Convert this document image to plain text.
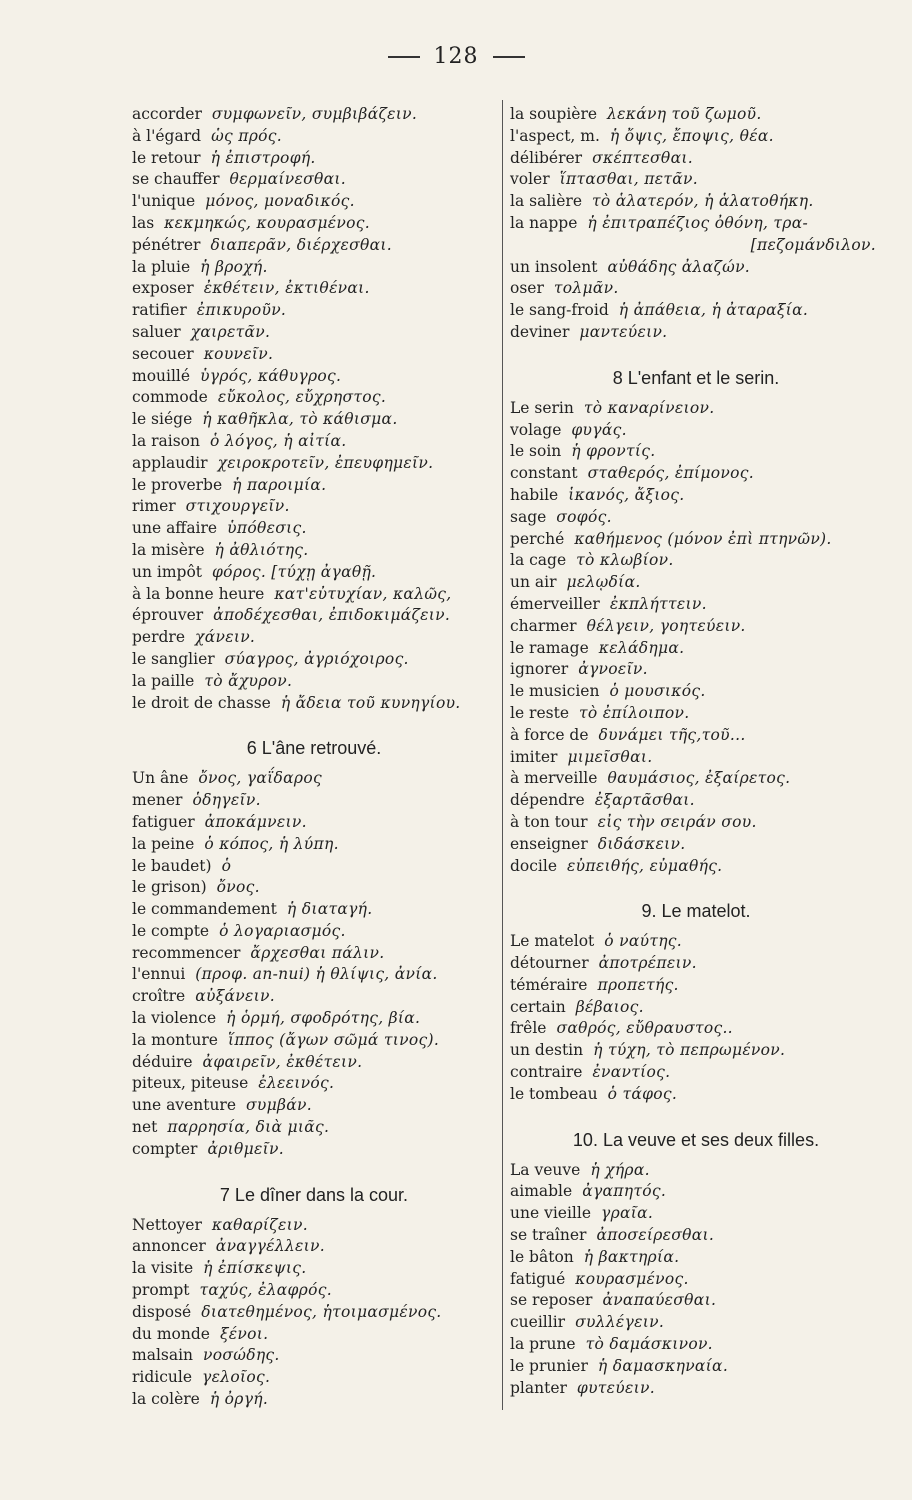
128
accorder συμφωνεῖν, συμβιβάζειν.
à l'égard ὡς πρός.
le retour ἡ ἐπιστροφή.
se chauffer θερμαίνεσθαι.
l'unique μόνος, μοναδικός.
las κεκμηκώς, κουρασμένος.
pénétrer διαπερᾶν, διέρχεσθαι.
la pluie ἡ βροχή.
exposer ἐκθέτειν, ἐκτιθέναι.
ratifier ἐπικυροῦν.
saluer χαιρετᾶν.
secouer κουνεῖν.
mouillé ὑγρός, κάθυγρος.
commode εὔκολος, εὔχρηστος.
le siége ἡ καθῆκλα, τὸ κάθισμα.
la raison ὁ λόγος, ἡ αἰτία.
applaudir χειροκροτεῖν, ἐπευφημεῖν.
le proverbe ἡ παροιμία.
rimer στιχουργεῖν.
une affaire ὑπόθεσις.
la misère ἡ ἀθλιότης.
un impôt φόρος. [τύχῃ ἀγαθῇ.
à la bonne heure κατ'εὐτυχίαν, καλῶς,
éprouver ἀποδέχεσθαι, ἐπιδοκιμάζειν.
perdre χάνειν.
le sanglier σύαγρος, ἀγριόχοιρος.
la paille τὸ ἄχυρον.
le droit de chasse ἡ ἄδεια τοῦ κυνηγίου.
6 L'âne retrouvé.
Un âne ὄνος, γαΐδαρος
mener ὁδηγεῖν.
fatiguer ἀποκάμνειν.
la peine ὁ κόπος, ἡ λύπη.
le baudet) ὁ
le grison) ὄνος.
le commandement ἡ διαταγή.
le compte ὁ λογαριασμός.
recommencer ἄρχεσθαι πάλιν.
l'ennui (προφ. an-nui) ἡ θλίψις, ἀνία.
croître αὐξάνειν.
la violence ἡ ὁρμή, σφοδρότης, βία.
la monture ἵππος (ἄγων σῶμά τινος).
déduire ἀφαιρεῖν, ἐκθέτειν.
piteux, piteuse ἐλεεινός.
une aventure συμβάν.
net παρρησία, διὰ μιᾶς.
compter ἀριθμεῖν.
7 Le dîner dans la cour.
Nettoyer καθαρίζειν.
annoncer ἀναγγέλλειν.
la visite ἡ ἐπίσκεψις.
prompt ταχύς, ἐλαφρός.
disposé διατεθημένος, ἡτοιμασμένος.
du monde ξένοι.
malsain νοσώδης.
ridicule γελοῖος.
la colère ἡ ὀργή.
la soupière λεκάνη τοῦ ζωμοῦ.
l'aspect, m. ἡ ὄψις, ἔποψις, θέα.
délibérer σκέπτεσθαι.
voler ἵπτασθαι, πετᾶν.
la salière τὸ ἁλατερόν, ἡ ἁλατοθήκη.
la nappe ἡ ἐπιτραπέζιος ὀθόνη, τρα-
[πεζομάνδιλον.
un insolent αὐθάδης ἀλαζών.
oser τολμᾶν.
le sang-froid ἡ ἀπάθεια, ἡ ἀταραξία.
deviner μαντεύειν.
8 L'enfant et le serin.
Le serin τὸ καναρίνειον.
volage φυγάς.
le soin ἡ φροντίς.
constant σταθερός, ἐπίμονος.
habile ἱκανός, ἄξιος.
sage σοφός.
perché καθήμενος (μόνον ἐπὶ πτηνῶν).
la cage τὸ κλωβίον.
un air μελῳδία.
émerveiller ἐκπλήττειν.
charmer θέλγειν, γοητεύειν.
le ramage κελάδημα.
ignorer ἀγνοεῖν.
le musicien ὁ μουσικός.
le reste τὸ ἐπίλοιπον.
à force de δυνάμει τῆς,τοῦ...
imiter μιμεῖσθαι.
à merveille θαυμάσιος, ἐξαίρετος.
dépendre ἐξαρτᾶσθαι.
à ton tour εἰς τὴν σειράν σου.
enseigner διδάσκειν.
docile εὐπειθής, εὐμαθής.
9. Le matelot.
Le matelot ὁ ναύτης.
détourner ἀποτρέπειν.
téméraire προπετής.
certain βέβαιος.
frêle σαθρός, εὔθραυστος..
un destin ἡ τύχη, τὸ πεπρωμένον.
contraire ἐναντίος.
le tombeau ὁ τάφος.
10. La veuve et ses deux filles.
La veuve ἡ χήρα.
aimable ἀγαπητός.
une vieille γραῖα.
se traîner ἀποσείρεσθαι.
le bâton ἡ βακτηρία.
fatigué κουρασμένος.
se reposer ἀναπαύεσθαι.
cueillir συλλέγειν.
la prune τὸ δαμάσκινον.
le prunier ἡ δαμασκηναία.
planter φυτεύειν.
